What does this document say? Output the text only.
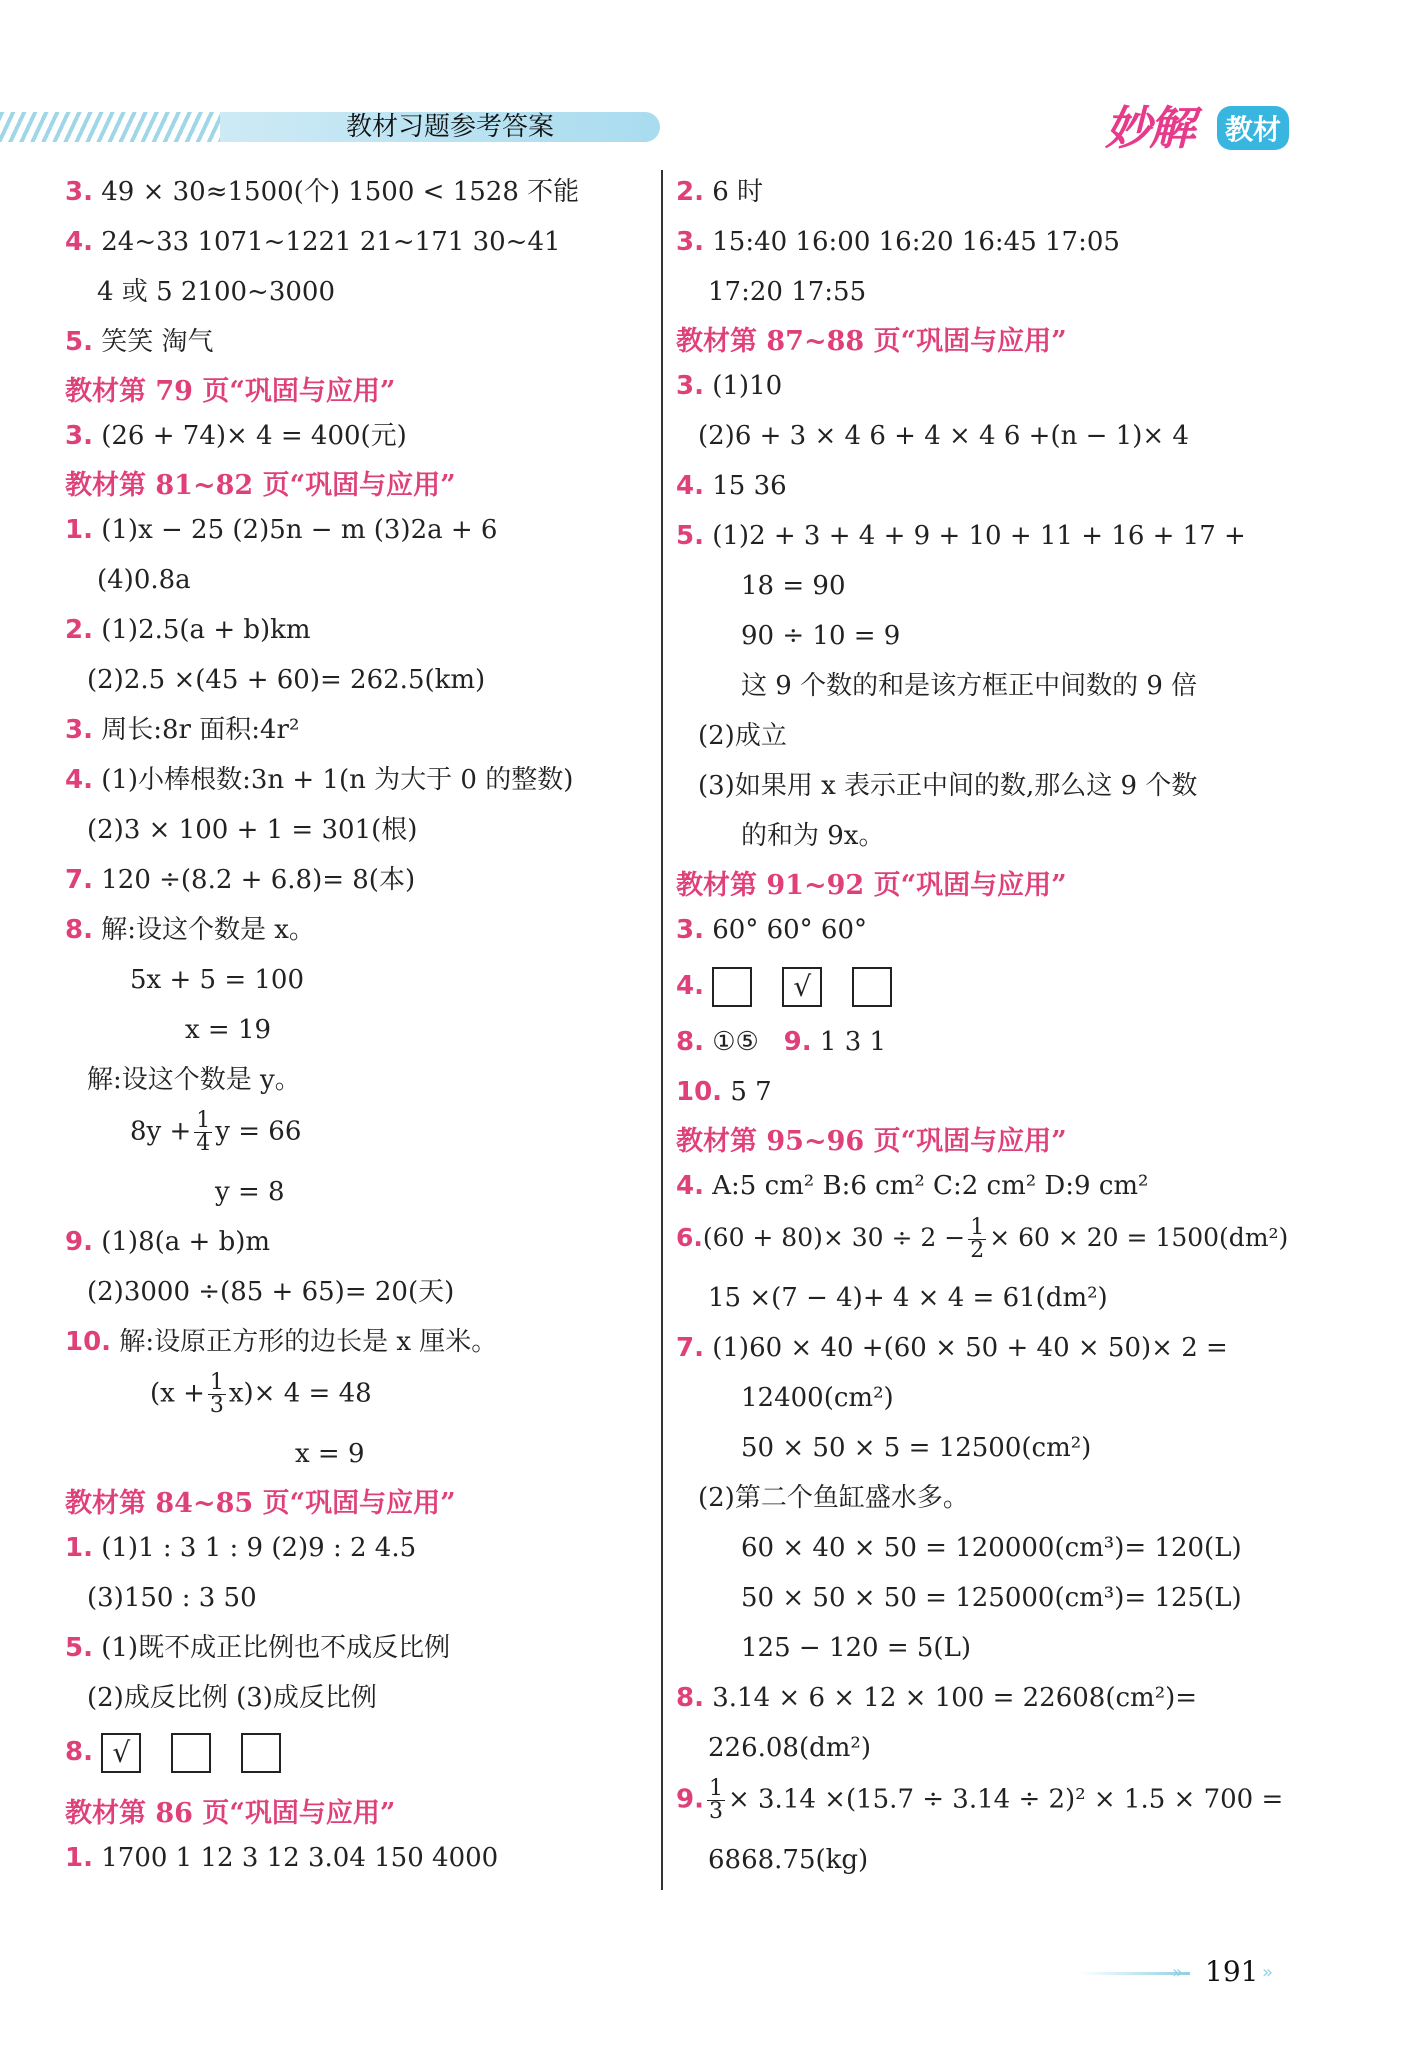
教材习题参考答案	妙解 教材
3. 49 × 30≈1500(个) 1500 < 1528 不能
4. 24~33 1071~1221 21~171 30~41
4 或 5 2100~3000
5. 笑笑 淘气
教材第 79 页“巩固与应用”
3. (26 + 74)× 4 = 400(元)
教材第 81~82 页“巩固与应用”
1. (1)x − 25 (2)5n − m (3)2a + 6
(4)0.8a
2. (1)2.5(a + b)km
(2)2.5 ×(45 + 60)= 262.5(km)
3. 周长:8r 面积:4r²
4. (1)小棒根数:3n + 1(n 为大于 0 的整数)
(2)3 × 100 + 1 = 301(根)
7. 120 ÷(8.2 + 6.8)= 8(本)
8. 解:设这个数是 x。
5x + 5 = 100
x = 19
解:设这个数是 y。
$8y + \frac{1}{4}$ y = 66
y = 8
9. (1)8(a + b)m
(2)3000 ÷(85 + 65)= 20(天)
10. 解:设原正方形的边长是 x 厘米。
$(x + \frac{1}{3} x)\times 4 = 48$
x = 9
教材第 84~85 页“巩固与应用”
1. (1)1 : 3 1 : 9 (2)9 : 2 4.5
(3)150 : 3 50
5. (1)既不成正比例也不成反比例
(2)成反比例 (3)成反比例
8. √
教材第 86 页“巩固与应用”
1. 1700 1 12 3 12 3.04 150 4000
2. 6 时
3. 15:40 16:00 16:20 16:45 17:05
17:20 17:55
教材第 87~88 页“巩固与应用”
3. (1)10
(2)6 + 3 × 4 6 + 4 × 4 6 +(n − 1)× 4
4. 15 36
5. (1)2 + 3 + 4 + 9 + 10 + 11 + 16 + 17 +
18 = 90
90 ÷ 10 = 9
这 9 个数的和是该方框正中间数的 9 倍
(2)成立
(3)如果用 x 表示正中间的数,那么这 9 个数
的和为 9x。
教材第 91~92 页“巩固与应用”
3. 60° 60° 60°
4.	√
8. ①⑤ 9. 1 3 1
10. 5 7
教材第 95~96 页“巩固与应用”
4. A:5 cm² B:6 cm² C:2 cm² D:9 cm²
$6.(60 + 80)\times 30 \div 2 - \frac{1}{2} \times 60 \times 20 = 1500(dm^2)$
15 ×(7 − 4)+ 4 × 4 = 61(dm²)
7. (1)60 × 40 +(60 × 50 + 40 × 50)× 2 =
12400(cm²)
50 × 50 × 5 = 12500(cm²)
(2)第二个鱼缸盛水多。
60 × 40 × 50 = 120000(cm³)= 120(L)
50 × 50 × 50 = 125000(cm³)= 125(L)
125 − 120 = 5(L)
8. 3.14 × 6 × 12 × 100 = 22608(cm²)=
226.08(dm²)
9. $\frac{1}{3} \times 3.14 \times(15.7 \div 3.14 \div 2)^2 \times 1.5 \times 700$ =
6868.75(kg)
» 191 »
